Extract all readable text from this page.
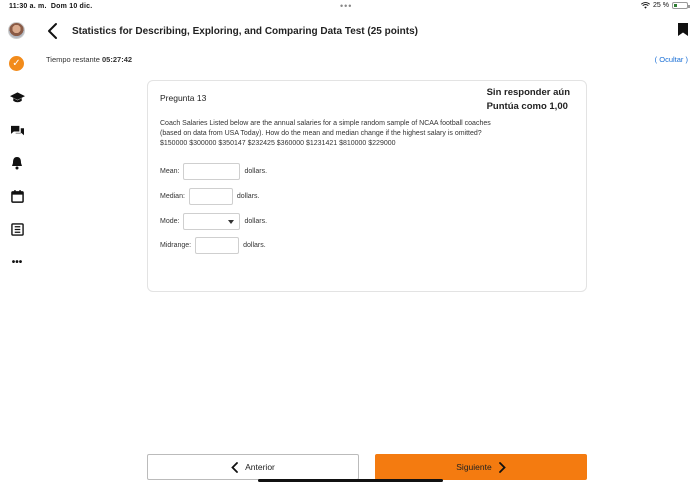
11:30 a. m. Dom 10 dic.	•••	25 %
✓
•••
Statistics for Describing, Exploring, and Comparing Data Test (25 points)
Tiempo restante 05:27:42	( Ocultar )
Pregunta 13	Sin responder aún
Puntúa como 1,00
Coach Salaries Listed below are the annual salaries for a simple random sample of NCAA football coaches
(based on data from USA Today). How do the mean and median change if the highest salary is omitted?
$150000 $300000 $350147 $232425 $360000 $1231421 $810000 $229000
Mean:	dollars.
Median:	dollars.
Mode:	dollars.
Midrange:	dollars.
Anterior	Siguiente
